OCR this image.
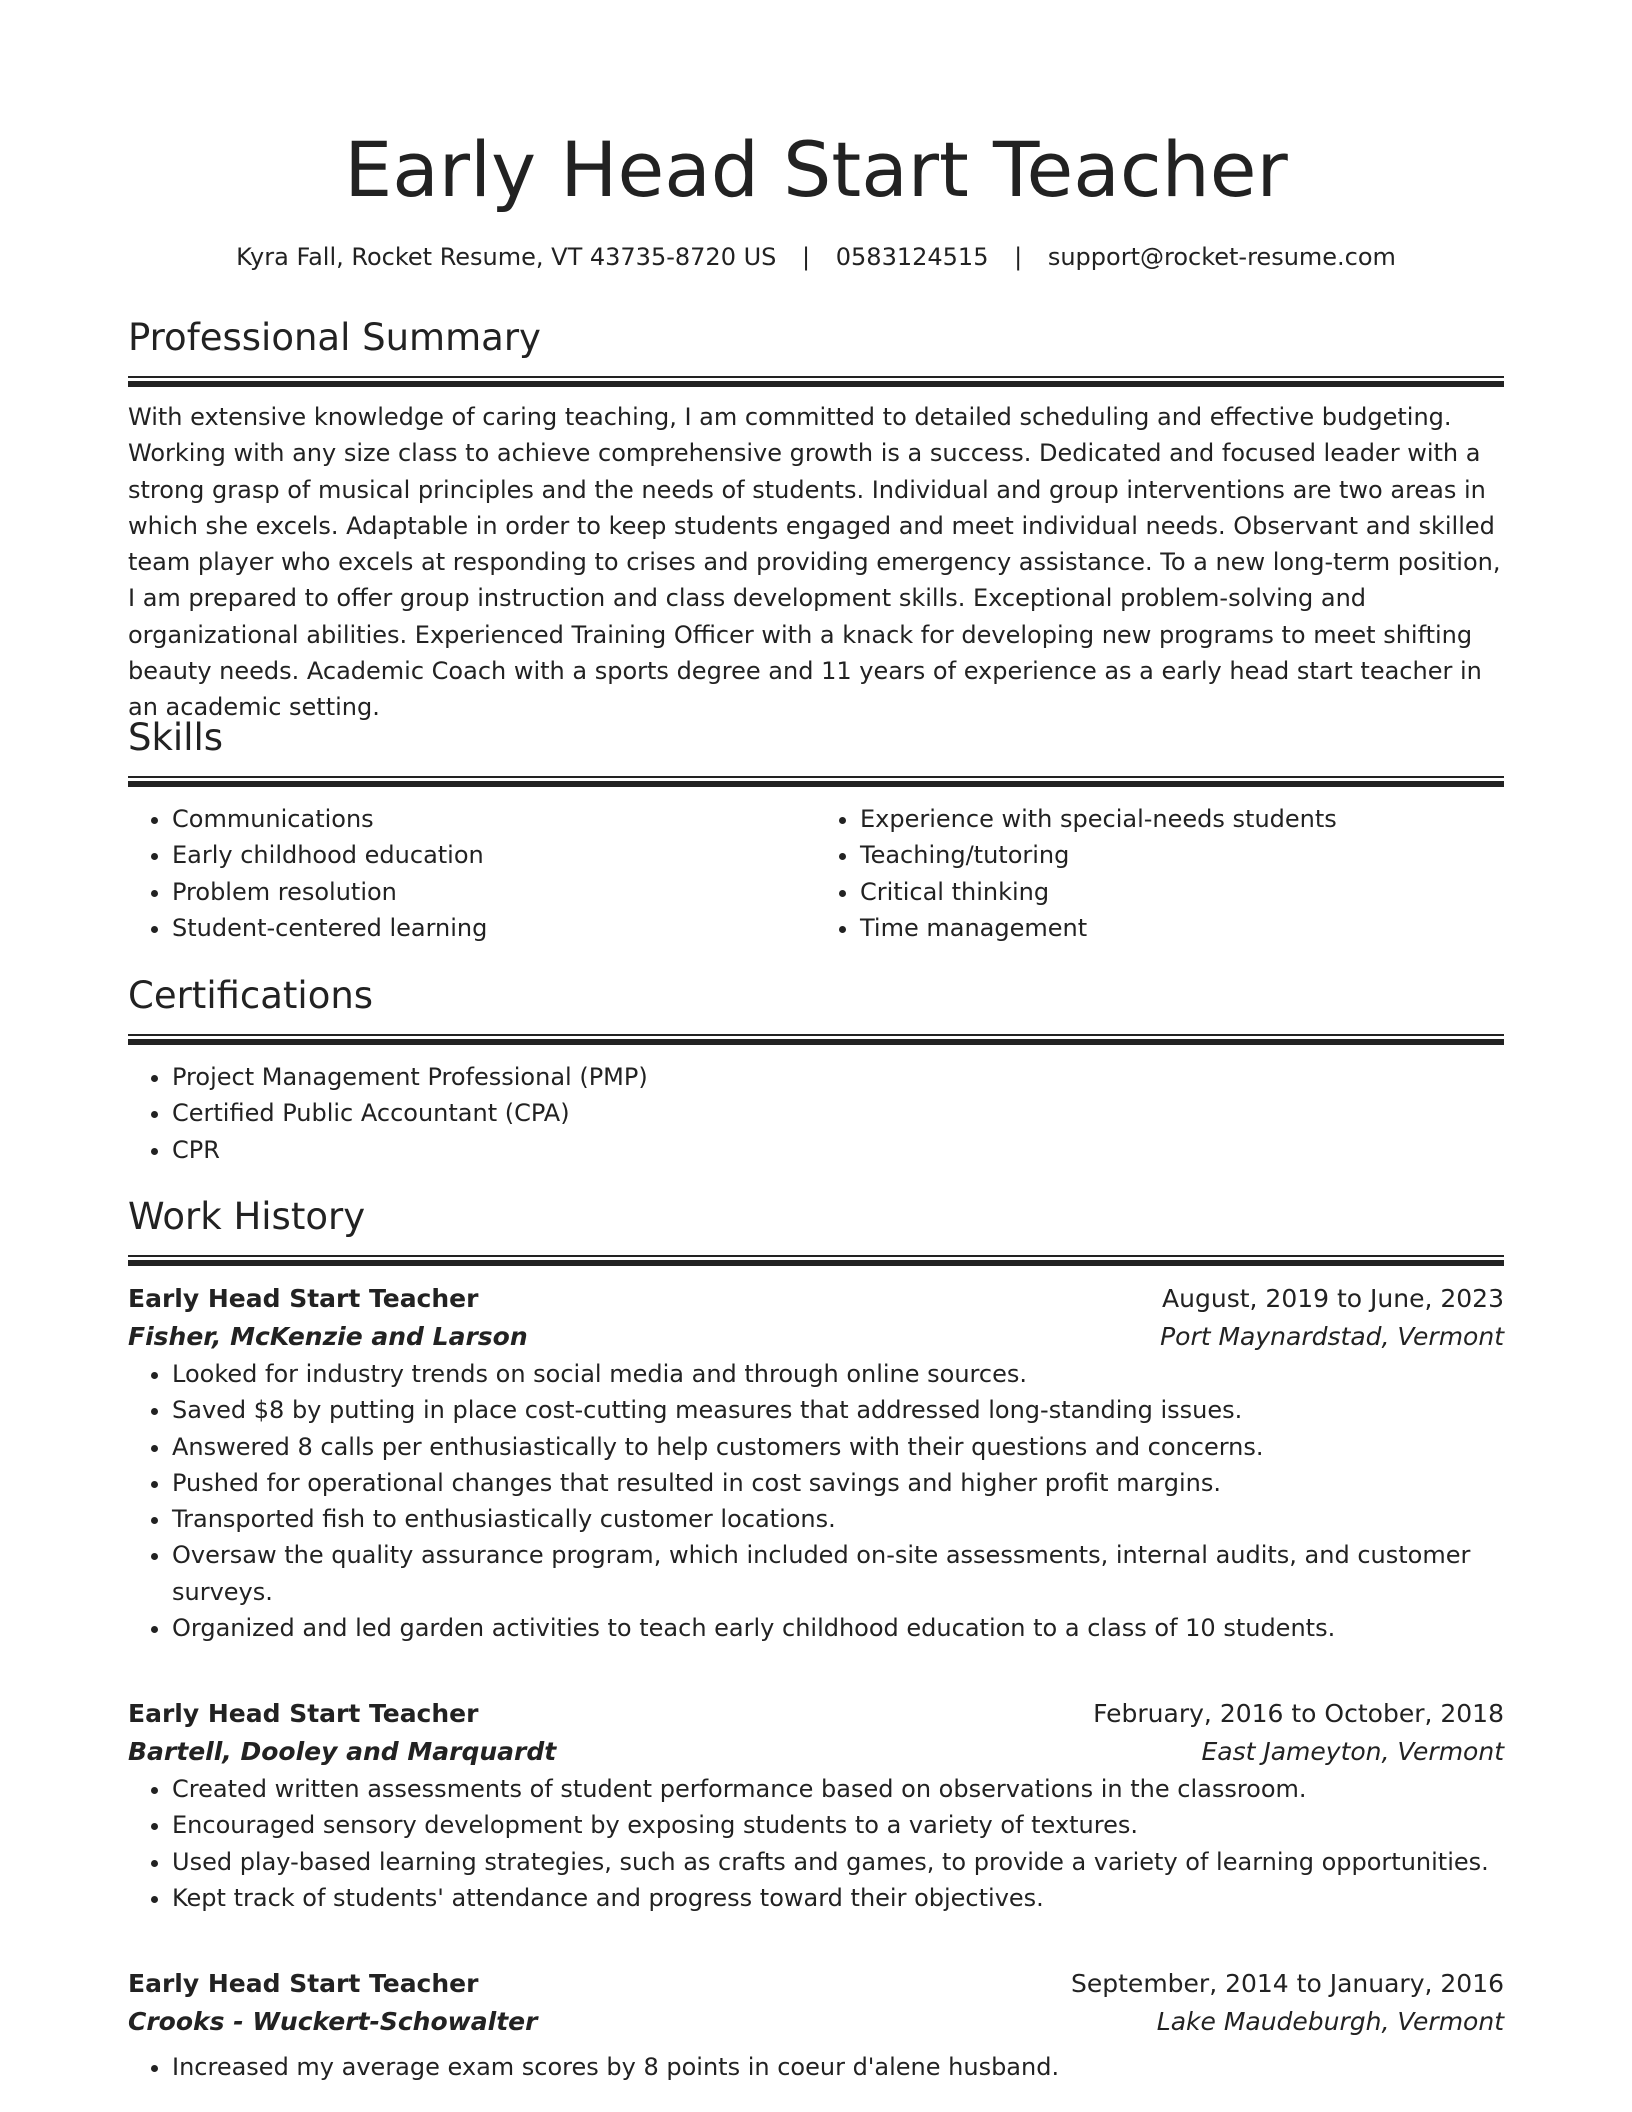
Early Head Start Teacher
Kyra Fall, Rocket Resume, VT 43735-8720 US | 0583124515 | support@rocket-resume.com
Professional Summary

With extensive knowledge of caring teaching, I am committed to detailed scheduling and effective budgeting. Working with any size class to achieve comprehensive growth is a success. Dedicated and focused leader with a strong grasp of musical principles and the needs of students. Individual and group interventions are two areas in which she excels. Adaptable in order to keep students engaged and meet individual needs. Observant and skilled team player who excels at responding to crises and providing emergency assistance. To a new long-term position, I am prepared to offer group instruction and class development skills. Exceptional problem-solving and organizational abilities. Experienced Training Officer with a knack for developing new programs to meet shifting beauty needs. Academic Coach with a sports degree and 11 years of experience as a early head start teacher in an academic setting.

Skills
• Communications
• Early childhood education
• Problem resolution
• Student-centered learning
• Experience with special-needs students
• Teaching/tutoring
• Critical thinking
• Time management
Certifications
• Project Management Professional (PMP)
• Certified Public Accountant (CPA)
• CPR
Work History
Early Head Start Teacher	August, 2019 to June, 2023
Fisher, McKenzie and Larson	Port Maynardstad, Vermont
• Looked for industry trends on social media and through online sources.
• Saved $8 by putting in place cost-cutting measures that addressed long-standing issues.
• Answered 8 calls per enthusiastically to help customers with their questions and concerns.
• Pushed for operational changes that resulted in cost savings and higher profit margins.
• Transported fish to enthusiastically customer locations.
• Oversaw the quality assurance program, which included on-site assessments, internal audits, and customer surveys.
• Organized and led garden activities to teach early childhood education to a class of 10 students.
Early Head Start Teacher	February, 2016 to October, 2018
Bartell, Dooley and Marquardt	East Jameyton, Vermont
• Created written assessments of student performance based on observations in the classroom.
• Encouraged sensory development by exposing students to a variety of textures.
• Used play-based learning strategies, such as crafts and games, to provide a variety of learning opportunities.
• Kept track of students' attendance and progress toward their objectives.
Early Head Start Teacher	September, 2014 to January, 2016
Crooks - Wuckert-Schowalter	Lake Maudeburgh, Vermont
• Increased my average exam scores by 8 points in coeur d'alene husband.
